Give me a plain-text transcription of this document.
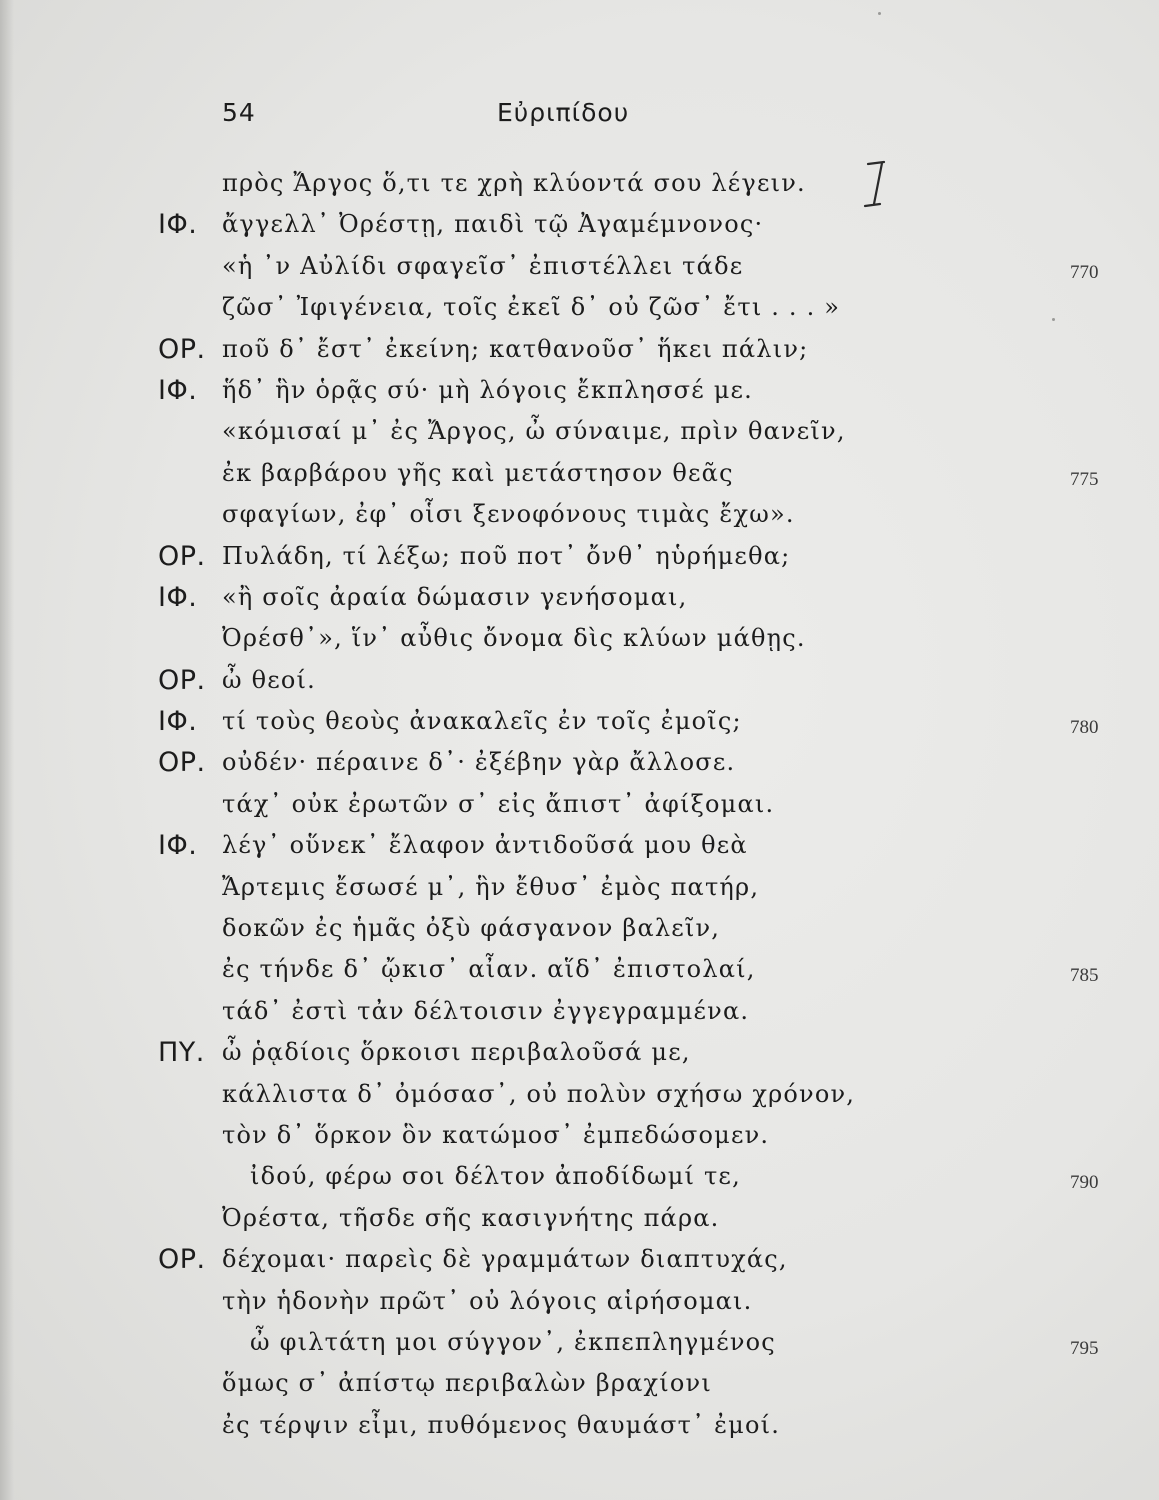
54	Εὐριπίδου
πρὸς Ἄργος ὅ,τι τε χρὴ κλύοντά σου λέγειν.
ΙΦ. ἄγγελλ᾽ Ὀρέστῃ, παιδὶ τῷ Ἀγαμέμνονος·
«ἡ ᾽ν Αὐλίδι σφαγεῖσ᾽ ἐπιστέλλει τάδε	770
ζῶσ᾽ Ἰφιγένεια, τοῖς ἐκεῖ δ᾽ οὐ ζῶσ᾽ ἔτι . . . »
ΟΡ. ποῦ δ᾽ ἔστ᾽ ἐκείνη; κατθανοῦσ᾽ ἥκει πάλιν;
ΙΦ. ἥδ᾽ ἣν ὁρᾷς σύ· μὴ λόγοις ἔκπλησσέ με.
«κόμισαί μ᾽ ἐς Ἄργος, ὦ σύναιμε, πρὶν θανεῖν,
ἐκ βαρβάρου γῆς καὶ μετάστησον θεᾶς	775
σφαγίων, ἐφ᾽ οἷσι ξενοφόνους τιμὰς ἔχω».
ΟΡ. Πυλάδη, τί λέξω; ποῦ ποτ᾽ ὄνθ᾽ ηὑρήμεθα;
ΙΦ. «ἢ σοῖς ἀραία δώμασιν γενήσομαι,
Ὀρέσθ᾽», ἵν᾽ αὖθις ὄνομα δὶς κλύων μάθῃς.
ΟΡ. ὦ θεοί.
ΙΦ. τί τοὺς θεοὺς ἀνακαλεῖς ἐν τοῖς ἐμοῖς;	780
ΟΡ. οὐδέν· πέραινε δ᾽· ἐξέβην γὰρ ἄλλοσε.
τάχ᾽ οὐκ ἐρωτῶν σ᾽ εἰς ἄπιστ᾽ ἀφίξομαι.
ΙΦ. λέγ᾽ οὕνεκ᾽ ἔλαφον ἀντιδοῦσά μου θεὰ
Ἄρτεμις ἔσωσέ μ᾽, ἣν ἔθυσ᾽ ἐμὸς πατήρ,
δοκῶν ἐς ἡμᾶς ὀξὺ φάσγανον βαλεῖν,
ἐς τήνδε δ᾽ ᾤκισ᾽ αἶαν. αἵδ᾽ ἐπιστολαί,	785
τάδ᾽ ἐστὶ τἀν δέλτοισιν ἐγγεγραμμένα.
ΠΥ. ὦ ῥᾳδίοις ὅρκοισι περιβαλοῦσά με,
κάλλιστα δ᾽ ὀμόσασ᾽, οὐ πολὺν σχήσω χρόνον,
τὸν δ᾽ ὅρκον ὃν κατώμοσ᾽ ἐμπεδώσομεν.
ἰδού, φέρω σοι δέλτον ἀποδίδωμί τε,	790
Ὀρέστα, τῆσδε σῆς κασιγνήτης πάρα.
ΟΡ. δέχομαι· παρεὶς δὲ γραμμάτων διαπτυχάς,
τὴν ἡδονὴν πρῶτ᾽ οὐ λόγοις αἱρήσομαι.
ὦ φιλτάτη μοι σύγγον᾽, ἐκπεπληγμένος	795
ὅμως σ᾽ ἀπίστῳ περιβαλὼν βραχίονι
ἐς τέρψιν εἶμι, πυθόμενος θαυμάστ᾽ ἐμοί.
